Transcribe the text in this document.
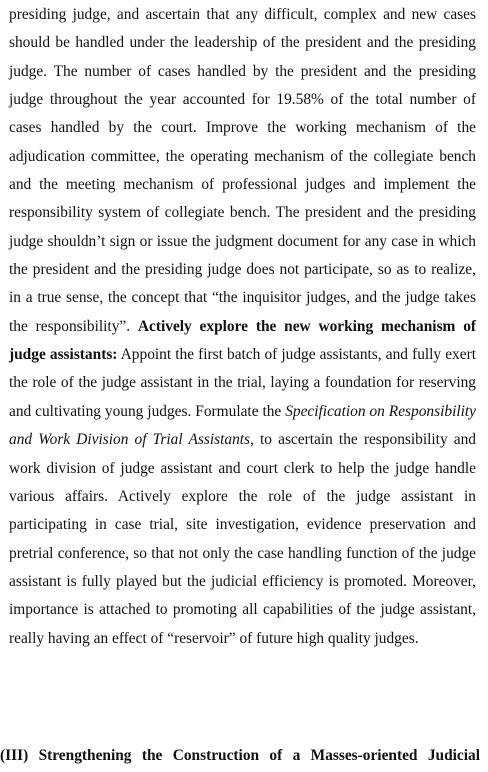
presiding judge, and ascertain that any difficult, complex and new cases should be handled under the leadership of the president and the presiding judge. The number of cases handled by the president and the presiding judge throughout the year accounted for 19.58% of the total number of cases handled by the court. Improve the working mechanism of the adjudication committee, the operating mechanism of the collegiate bench and the meeting mechanism of professional judges and implement the responsibility system of collegiate bench. The president and the presiding judge shouldn’t sign or issue the judgment document for any case in which the president and the presiding judge does not participate, so as to realize, in a true sense, the concept that “the inquisitor judges, and the judge takes the responsibility”. Actively explore the new working mechanism of judge assistants: Appoint the first batch of judge assistants, and fully exert the role of the judge assistant in the trial, laying a foundation for reserving and cultivating young judges. Formulate the Specification on Responsibility and Work Division of Trial Assistants, to ascertain the responsibility and work division of judge assistant and court clerk to help the judge handle various affairs. Actively explore the role of the judge assistant in participating in case trial, site investigation, evidence preservation and pretrial conference, so that not only the case handling function of the judge assistant is fully played but the judicial efficiency is promoted. Moreover, importance is attached to promoting all capabilities of the judge assistant, really having an effect of “reservoir” of future high quality judges.

(III) Strengthening the Construction of a Masses-oriented Judicial
